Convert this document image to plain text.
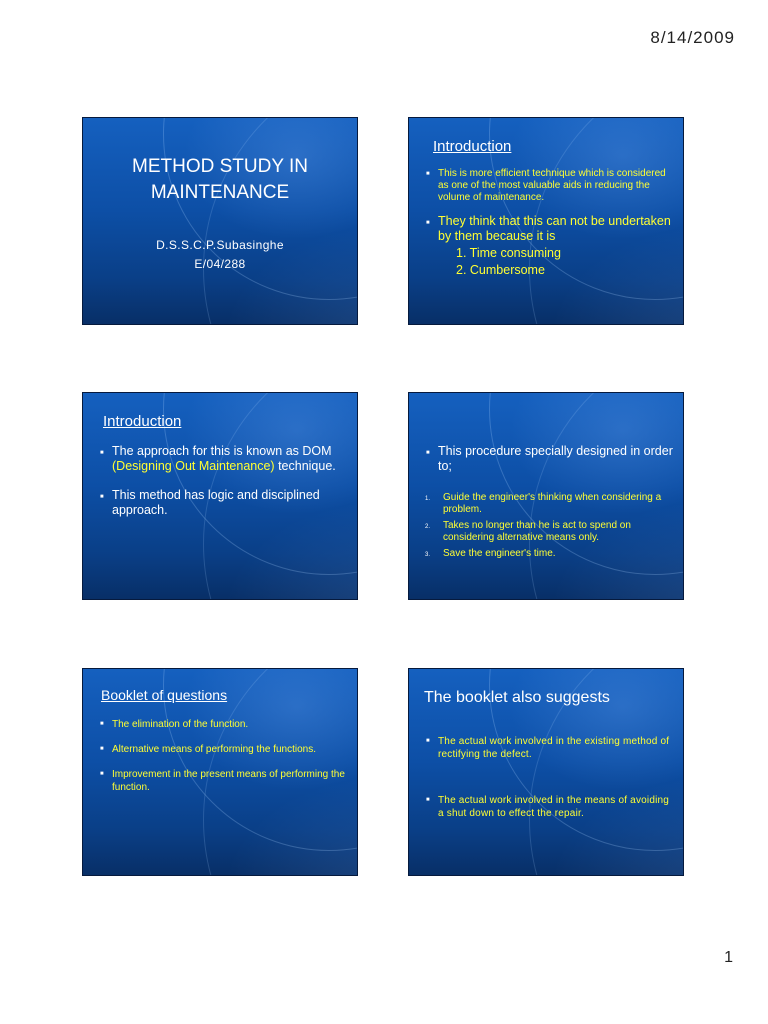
8/14/2009
METHOD STUDY IN
MAINTENANCE
D.S.S.C.P.Subasinghe
E/04/288
Introduction
■ This is more efficient technique which is considered as one of the most valuable aids in reducing the volume of maintenance.
■ They think that this can not be undertaken by them because it is
1. Time consuming
2. Cumbersome
Introduction
■ The approach for this is known as DOM (Designing Out Maintenance) technique.
■ This method has logic and disciplined approach.
■ This procedure specially designed in order to;
1. Guide the engineer's thinking when considering a problem.
2. Takes no longer than he is act to spend on considering alternative means only.
3. Save the engineer's time.
Booklet of questions
■ The elimination of the function.
■ Alternative means of performing the functions.
■ Improvement in the present means of performing the function.
The booklet also suggests
■ The actual work involved in the existing method of rectifying the defect.
■ The actual work involved in the means of avoiding a shut down to effect the repair.
1
